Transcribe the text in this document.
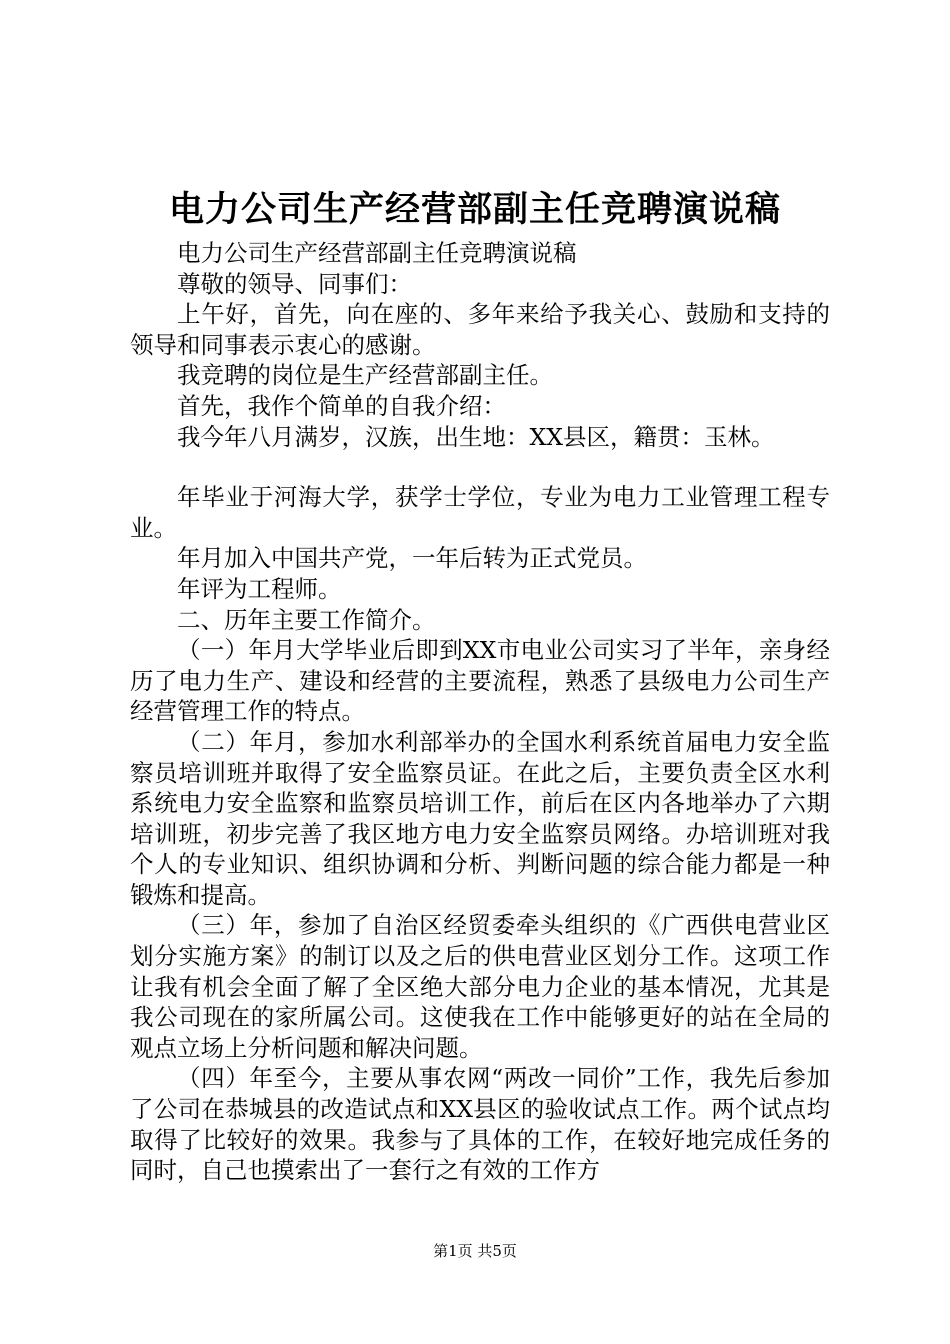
电力公司生产经营部副主任竞聘演说稿

电力公司生产经营部副主任竞聘演说稿

尊敬的领导、同事们：

上午好，首先，向在座的、多年来给予我关心、鼓励和支持的领导和同事表示衷心的感谢。

我竞聘的岗位是生产经营部副主任。

首先，我作个简单的自我介绍：

我今年八月满岁，汉族，出生地：XX县区，籍贯：玉林。

年毕业于河海大学，获学士学位，专业为电力工业管理工程专业。

年月加入中国共产党，一年后转为正式党员。

年评为工程师。

二、历年主要工作简介。

（一）年月大学毕业后即到XX市电业公司实习了半年，亲身经历了电力生产、建设和经营的主要流程，熟悉了县级电力公司生产经营管理工作的特点。

（二）年月，参加水利部举办的全国水利系统首届电力安全监察员培训班并取得了安全监察员证。在此之后，主要负责全区水利系统电力安全监察和监察员培训工作，前后在区内各地举办了六期培训班，初步完善了我区地方电力安全监察员网络。办培训班对我个人的专业知识、组织协调和分析、判断问题的综合能力都是一种锻炼和提高。

（三）年，参加了自治区经贸委牵头组织的《广西供电营业区划分实施方案》的制订以及之后的供电营业区划分工作。这项工作让我有机会全面了解了全区绝大部分电力企业的基本情况，尤其是我公司现在的家所属公司。这使我在工作中能够更好的站在全局的观点立场上分析问题和解决问题。

（四）年至今，主要从事农网“两改一同价”工作，我先后参加了公司在恭城县的改造试点和XX县区的验收试点工作。两个试点均取得了比较好的效果。我参与了具体的工作，在较好地完成任务的同时，自己也摸索出了一套行之有效的工作方

第1页 共5页
